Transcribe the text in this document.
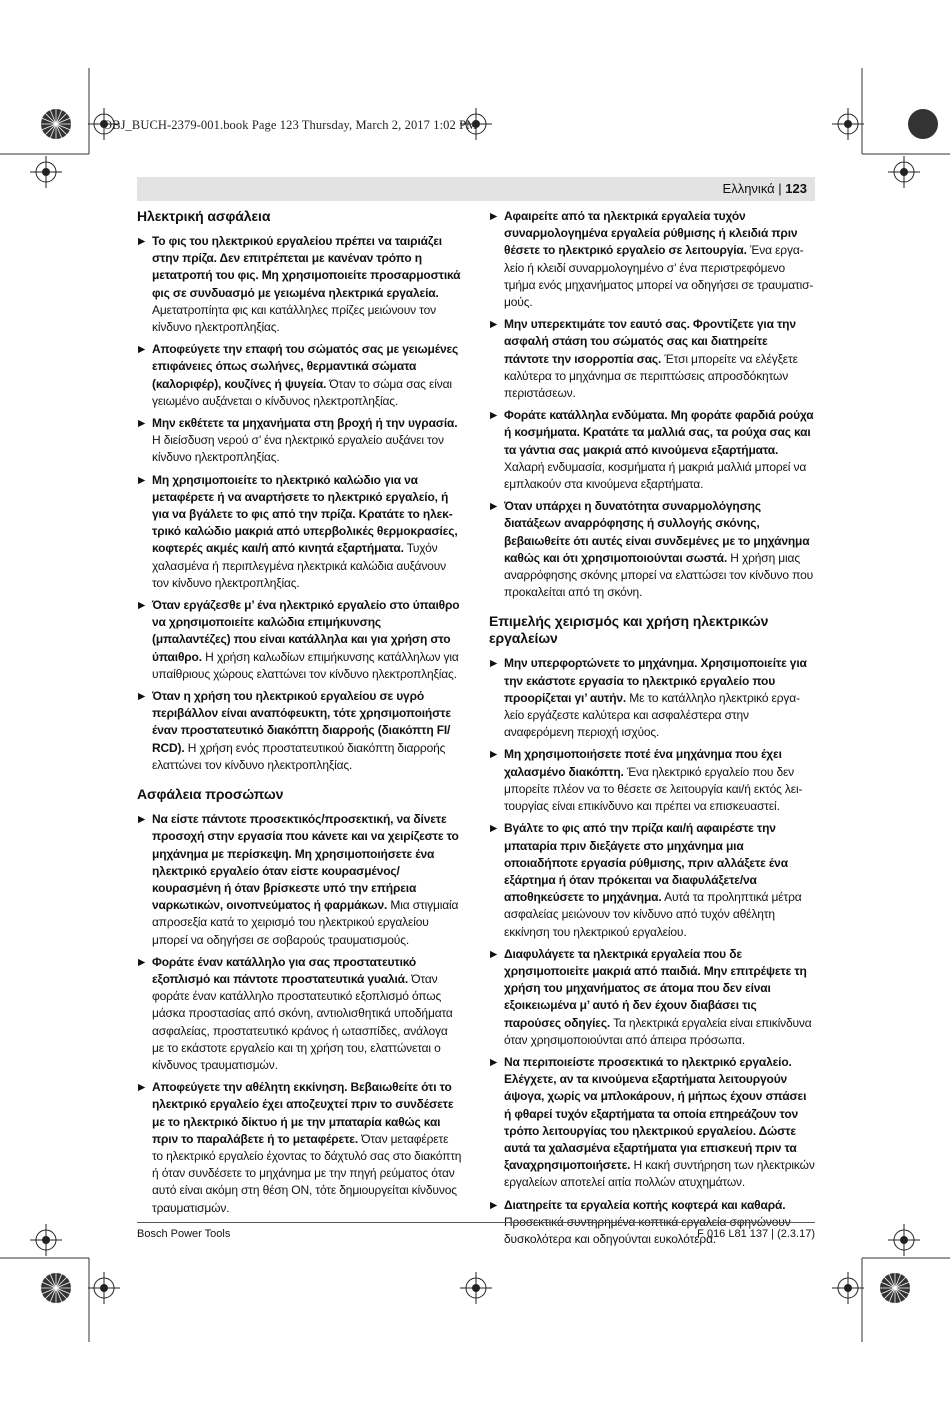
OBJ_BUCH-2379-001.book Page 123 Thursday, March 2, 2017 1:02 PM
Ελληνικά | 123
Ηλεκτρική ασφάλεια
▶ Το φις του ηλεκτρικού εργαλείου πρέπει να ταιριάζει στην πρίζα. Δεν επιτρέπεται με κανέναν τρόπο η μετατροπή του φις. Μη χρησιμοποιείτε προσαρμοστικά φις σε συνδυασμό με γειωμένα ηλεκτρικά εργαλεία. Αμετατροπίητα φις και κατάλληλες πρίζες μειώνουν τον κίνδυνο ηλεκτροπληξίας.
▶ Αποφεύγετε την επαφή του σώματός σας με γειωμένες επιφάνειες όπως σωλήνες, θερμαντικά σώματα (καλοριφέρ), κουζίνες ή ψυγεία. Όταν το σώμα σας είναι γειωμένο αυξάνεται ο κίνδυνος ηλεκτροπληξίας.
▶ Μην εκθέτετε τα μηχανήματα στη βροχή ή την υγρασία. Η διείσδυση νερού σ’ ένα ηλεκτρικό εργαλείο αυξάνει τον κίνδυνο ηλεκτροπληξίας.
▶ Μη χρησιμοποιείτε το ηλεκτρικό καλώδιο για να μεταφέρετε ή να αναρτήσετε το ηλεκτρικό εργαλείο, ή για να βγάλετε το φις από την πρίζα. Κρατάτε το ηλεκ-τρικό καλώδιο μακριά από υπερβολικές θερμοκρασίες, κοφτερές ακμές και/ή από κινητά εξαρτήματα. Τυχόν χαλασμένα ή περιπλεγμένα ηλεκτρικά καλώδια αυξάνουν τον κίνδυνο ηλεκτροπληξίας.
▶ Όταν εργάζεσθε μ’ ένα ηλεκτρικό εργαλείο στο ύπαιθρο να χρησιμοποιείτε καλώδια επιμήκυνσης (μπαλαντέζες) που είναι κατάλληλα και για χρήση στο ύπαιθρο. Η χρήση καλωδίων επιμήκυνσης κατάλληλων για υπαίθριους χώρους ελαττώνει τον κίνδυνο ηλεκτροπληξίας.
▶ Όταν η χρήση του ηλεκτρικού εργαλείου σε υγρό περιβάλλον είναι αναπόφευκτη, τότε χρησιμοποιήστε έναν προστατευτικό διακόπτη διαρροής (διακόπτη FI/ RCD). Η χρήση ενός προστατευτικού διακόπτη διαρροής ελαττώνει τον κίνδυνο ηλεκτροπληξίας.
Ασφάλεια προσώπων
▶ Να είστε πάντοτε προσεκτικός/προσεκτική, να δίνετε προσοχή στην εργασία που κάνετε και να χειρίζεστε το μηχάνημα με περίσκεψη. Μη χρησιμοποιήσετε ένα ηλεκτρικό εργαλείο όταν είστε κουρασμένος/ κουρασμένη ή όταν βρίσκεστε υπό την επήρεια ναρκωτικών, οινοπνεύματος ή φαρμάκων. Μια στιγμιαία απροσεξία κατά το χειρισμό του ηλεκτρικού εργαλείου μπορεί να οδηγήσει σε σοβαρούς τραυματισμούς.
▶ Φοράτε έναν κατάλληλο για σας προστατευτικό εξοπλισμό και πάντοτε προστατευτικά γυαλιά. Όταν φοράτε έναν κατάλληλο προστατευτικό εξοπλισμό όπως μάσκα προστασίας από σκόνη, αντιολισθητικά υποδήματα ασφαλείας, προστατευτικό κράνος ή ωτασπίδες, ανάλογα με το εκάστοτε εργαλείο και τη χρήση του, ελαττώνεται ο κίνδυνος τραυματισμών.
▶ Αποφεύγετε την αθέλητη εκκίνηση. Βεβαιωθείτε ότι το ηλεκτρικό εργαλείο έχει αποζευχτεί πριν το συνδέσετε με το ηλεκτρικό δίκτυο ή με την μπαταρία καθώς και πριν το παραλάβετε ή το μεταφέρετε. Όταν μεταφέρετε το ηλεκτρικό εργαλείο έχοντας το δάχτυλό σας στο διακόπτη ή όταν συνδέσετε το μηχάνημα με την πηγή ρεύματος όταν αυτό είναι ακόμη στη θέση ON, τότε δημιουργείται κίνδυνος τραυματισμών.
▶ Αφαιρείτε από τα ηλεκτρικά εργαλεία τυχόν συναρμολογημένα εργαλεία ρύθμισης ή κλειδιά πριν θέσετε το ηλεκτρικό εργαλείο σε λειτουργία. Ένα εργα-λείο ή κλειδί συναρμολογημένο σ’ ένα περιστρεφόμενο τμήμα ενός μηχανήματος μπορεί να οδηγήσει σε τραυματισ-μούς.
▶ Μην υπερεκτιμάτε τον εαυτό σας. Φροντίζετε για την ασφαλή στάση του σώματός σας και διατηρείτε πάντοτε την ισορροπία σας. Έτσι μπορείτε να ελέγξετε καλύτερα το μηχάνημα σε περιπτώσεις απροσδόκητων περιστάσεων.
▶ Φοράτε κατάλληλα ενδύματα. Μη φοράτε φαρδιά ρούχα ή κοσμήματα. Κρατάτε τα μαλλιά σας, τα ρούχα σας και τα γάντια σας μακριά από κινούμενα εξαρτήματα. Χαλαρή ενδυμασία, κοσμήματα ή μακριά μαλλιά μπορεί να εμπλακούν στα κινούμενα εξαρτήματα.
▶ Όταν υπάρχει η δυνατότητα συναρμολόγησης διατάξεων αναρρόφησης ή συλλογής σκόνης, βεβαιωθείτε ότι αυτές είναι συνδεμένες με το μηχάνημα καθώς και ότι χρησιμοποιούνται σωστά. Η χρήση μιας αναρρόφησης σκόνης μπορεί να ελαττώσει τον κίνδυνο που προκαλείται από τη σκόνη.
Επιμελής χειρισμός και χρήση ηλεκτρικών εργαλείων
▶ Μην υπερφορτώνετε το μηχάνημα. Χρησιμοποιείτε για την εκάστοτε εργασία το ηλεκτρικό εργαλείο που προορίζεται γι’ αυτήν. Με το κατάλληλο ηλεκτρικό εργα-λείο εργάζεστε καλύτερα και ασφαλέστερα στην αναφερόμενη περιοχή ισχύος.
▶ Μη χρησιμοποιήσετε ποτέ ένα μηχάνημα που έχει χαλασμένο διακόπτη. Ένα ηλεκτρικό εργαλείο που δεν μπορείτε πλέον να το θέσετε σε λειτουργία και/ή εκτός λει-τουργίας είναι επικίνδυνο και πρέπει να επισκευαστεί.
▶ Βγάλτε το φις από την πρίζα και/ή αφαιρέστε την μπαταρία πριν διεξάγετε στο μηχάνημα μια οποιαδήποτε εργασία ρύθμισης, πριν αλλάξετε ένα εξάρτημα ή όταν πρόκειται να διαφυλάξετε/να αποθηκεύσετε το μηχάνημα. Αυτά τα προληπτικά μέτρα ασφαλείας μειώνουν τον κίνδυνο από τυχόν αθέλητη εκκίνηση του ηλεκτρικού εργαλείου.
▶ Διαφυλάγετε τα ηλεκτρικά εργαλεία που δε χρησιμοποιείτε μακριά από παιδιά. Μην επιτρέψετε τη χρήση του μηχανήματος σε άτομα που δεν είναι εξοικειωμένα μ’ αυτό ή δεν έχουν διαβάσει τις παρούσες οδηγίες. Τα ηλεκτρικά εργαλεία είναι επικίνδυνα όταν χρησιμοποιούνται από άπειρα πρόσωπα.
▶ Να περιποιείστε προσεκτικά το ηλεκτρικό εργαλείο. Ελέγχετε, αν τα κινούμενα εξαρτήματα λειτουργούν άψογα, χωρίς να μπλοκάρουν, ή μήπως έχουν σπάσει ή φθαρεί τυχόν εξαρτήματα τα οποία επηρεάζουν τον τρόπο λειτουργίας του ηλεκτρικού εργαλείου. Δώστε αυτά τα χαλασμένα εξαρτήματα για επισκευή πριν τα ξαναχρησιμοποιήσετε. Η κακή συντήρηση των ηλεκτρικών εργαλείων αποτελεί αιτία πολλών ατυχημάτων.
▶ Διατηρείτε τα εργαλεία κοπής κοφτερά και καθαρά. Προσεκτικά συντηρημένα κοπτικά εργαλεία σφηνώνουν δυσκολότερα και οδηγούνται ευκολότερα.
Bosch Power Tools	F 016 L81 137 | (2.3.17)
